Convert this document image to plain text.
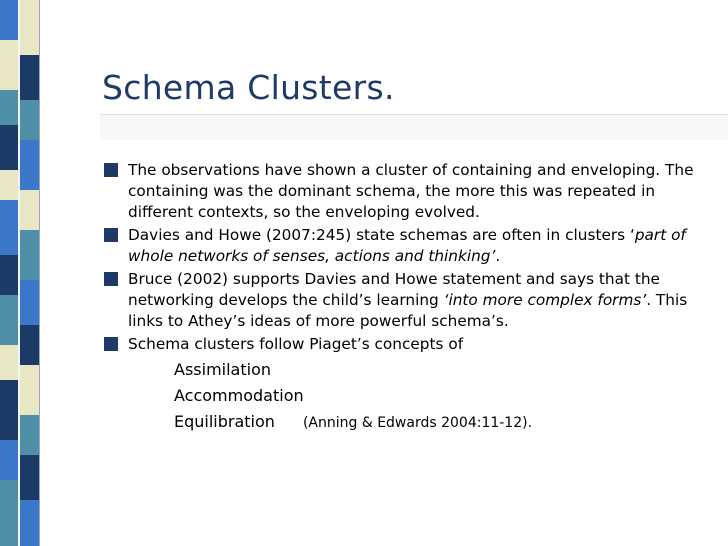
Schema Clusters.
The observations have shown a cluster of containing and enveloping. The containing was the dominant schema, the more this was repeated in different contexts, so the enveloping evolved.
Davies and Howe (2007:245) state schemas are often in clusters ‘part of whole networks of senses, actions and thinking’.
Bruce (2002) supports Davies and Howe statement and says that the networking develops the child’s learning ‘into more complex forms’. This links to Athey’s ideas of more powerful schema’s.
Schema clusters follow Piaget’s concepts of
Assimilation
Accommodation
Equilibration (Anning & Edwards 2004:11-12).
